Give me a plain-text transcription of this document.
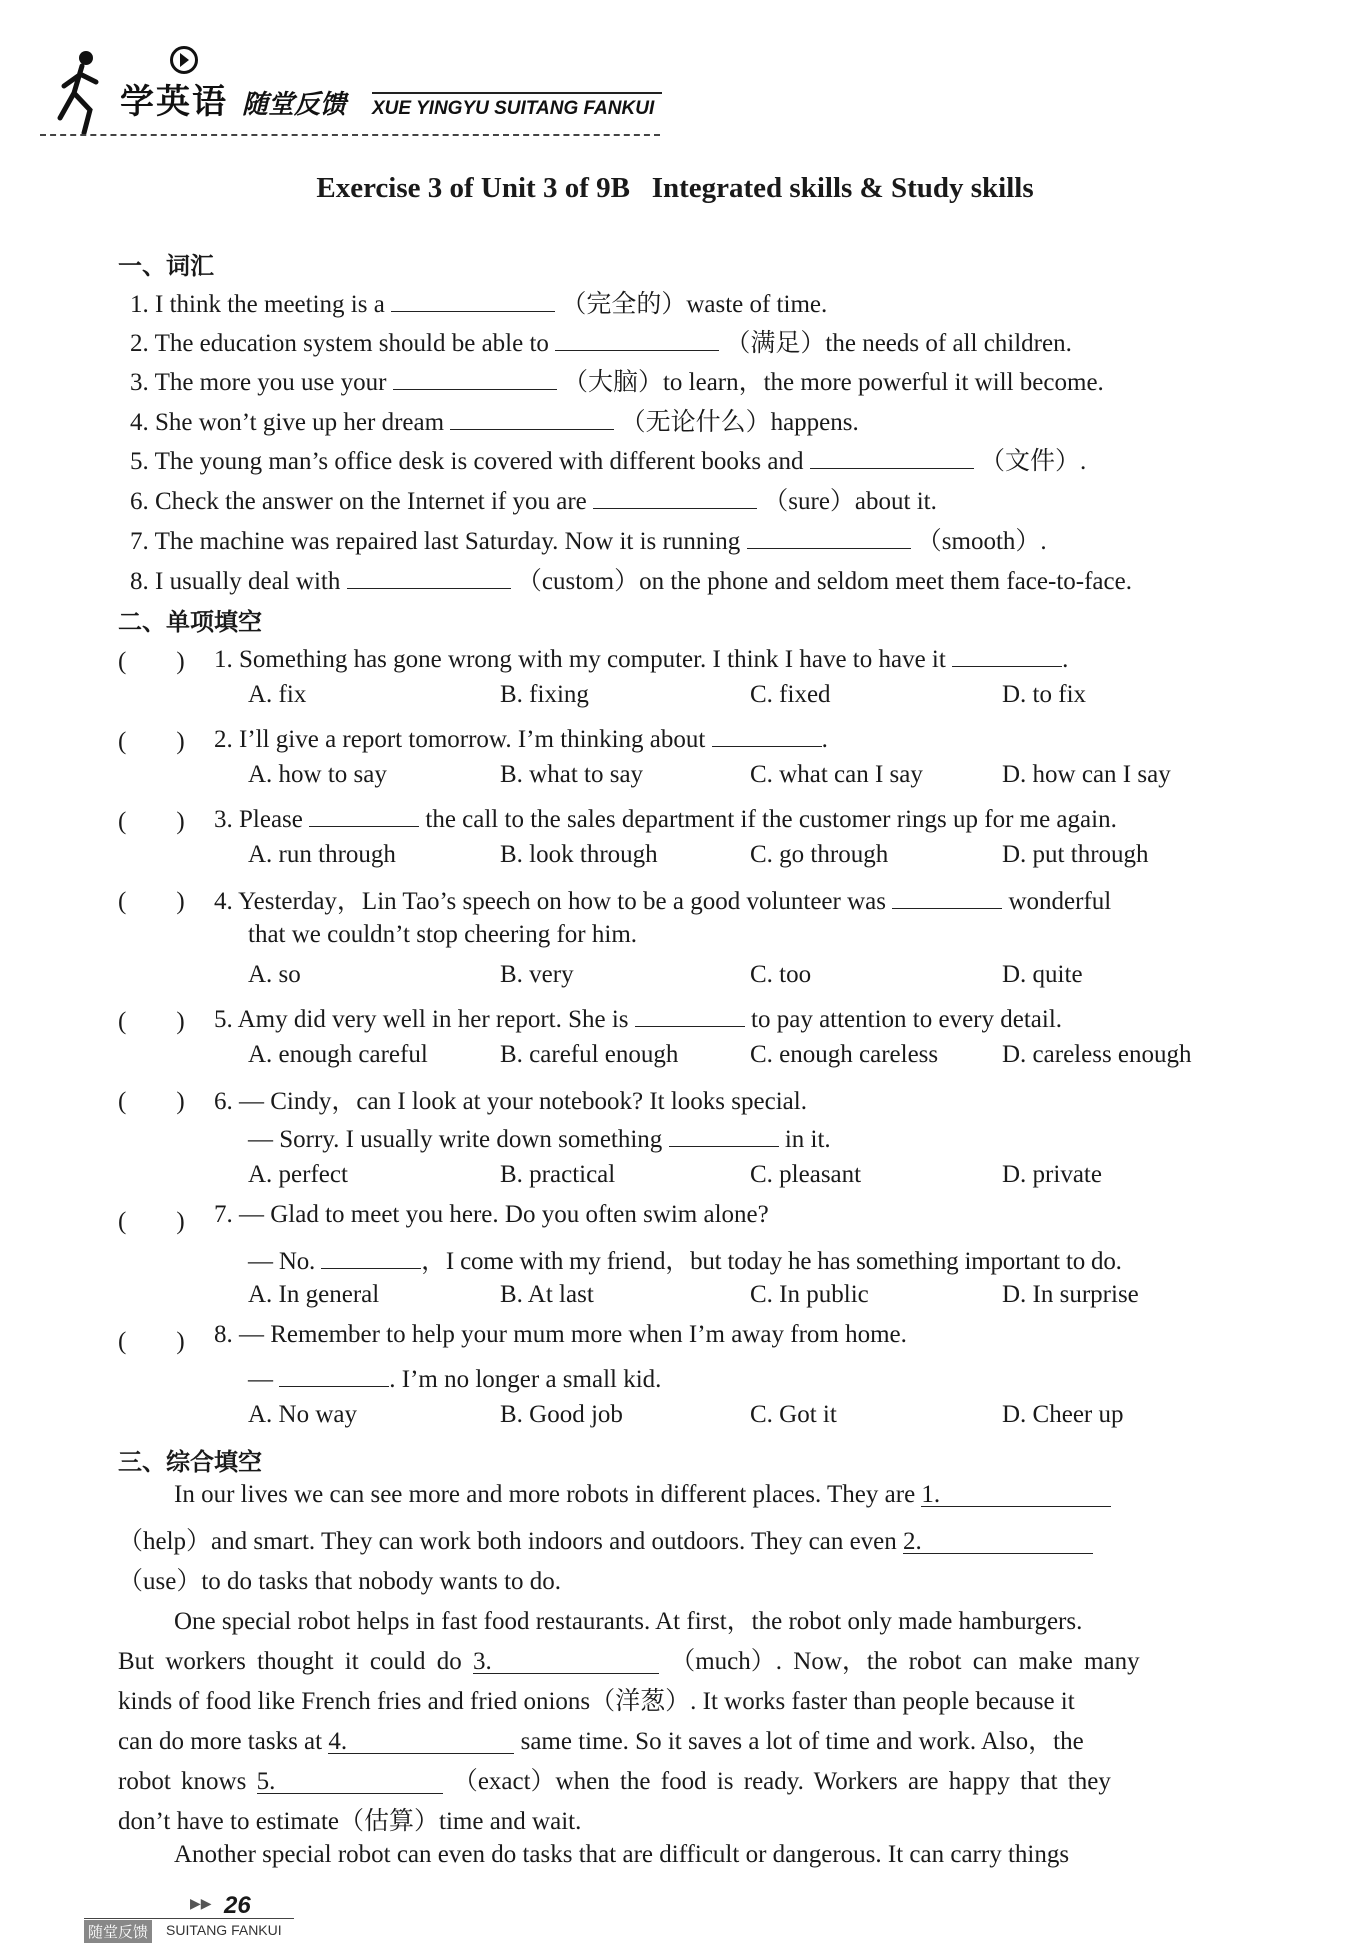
学英语 随堂反馈 XUE YINGYU SUITANG FANKUI
Exercise 3 of Unit 3 of 9B   Integrated skills & Study skills
一、词汇
1. I think the meeting is a	（完全的）waste of time.
2. The education system should be able to	（满足）the needs of all children.
3. The more you use your	（大脑）to learn，the more powerful it will become.
4. She won’t give up her dream	（无论什么）happens.
5. The young man’s office desk is covered with different books and	（文件）.
6. Check the answer on the Internet if you are	（sure）about it.
7. The machine was repaired last Saturday. Now it is running	（smooth）.
8. I usually deal with	（custom）on the phone and seldom meet them face-to-face.
二、单项填空
(　　) 1. Something has gone wrong with my computer. I think I have to have it	.
A. fix	B. fixing	C. fixed	D. to fix
(　　) 2. I’ll give a report tomorrow. I’m thinking about	.
A. how to say	B. what to say	C. what can I say	D. how can I say
(　　) 3. Please	the call to the sales department if the customer rings up for me again.
A. run through	B. look through	C. go through	D. put through
(　　) 4. Yesterday，Lin Tao’s speech on how to be a good volunteer was	wonderful
that we couldn’t stop cheering for him.
A. so	B. very	C. too	D. quite
(　　) 5. Amy did very well in her report. She is	to pay attention to every detail.
A. enough careful	B. careful enough	C. enough careless	D. careless enough
(　　) 6. — Cindy，can I look at your notebook? It looks special.
— Sorry. I usually write down something	in it.
A. perfect	B. practical	C. pleasant	D. private
(　　) 7. — Glad to meet you here. Do you often swim alone?
— No.	，I come with my friend，but today he has something important to do.
A. In general	B. At last	C. In public	D. In surprise
(　　) 8. — Remember to help your mum more when I’m away from home.
—	. I’m no longer a small kid.
A. No way	B. Good job	C. Got it	D. Cheer up
三、综合填空
In our lives we can see more and more robots in different places. They are 1.
（help）and smart. They can work both indoors and outdoors. They can even 2.
（use）to do tasks that nobody wants to do.
One special robot helps in fast food restaurants. At first，the robot only made hamburgers.
But workers thought it could do 3.	（much）. Now，the robot can make many
kinds of food like French fries and fried onions（洋葱）. It works faster than people because it
can do more tasks at 4.	same time. So it saves a lot of time and work. Also，the
robot knows 5.	（exact）when the food is ready. Workers are happy that they
don’t have to estimate（估算）time and wait.
Another special robot can even do tasks that are difficult or dangerous. It can carry things
▶▶ 26
随堂反馈 SUITANG FANKUI
